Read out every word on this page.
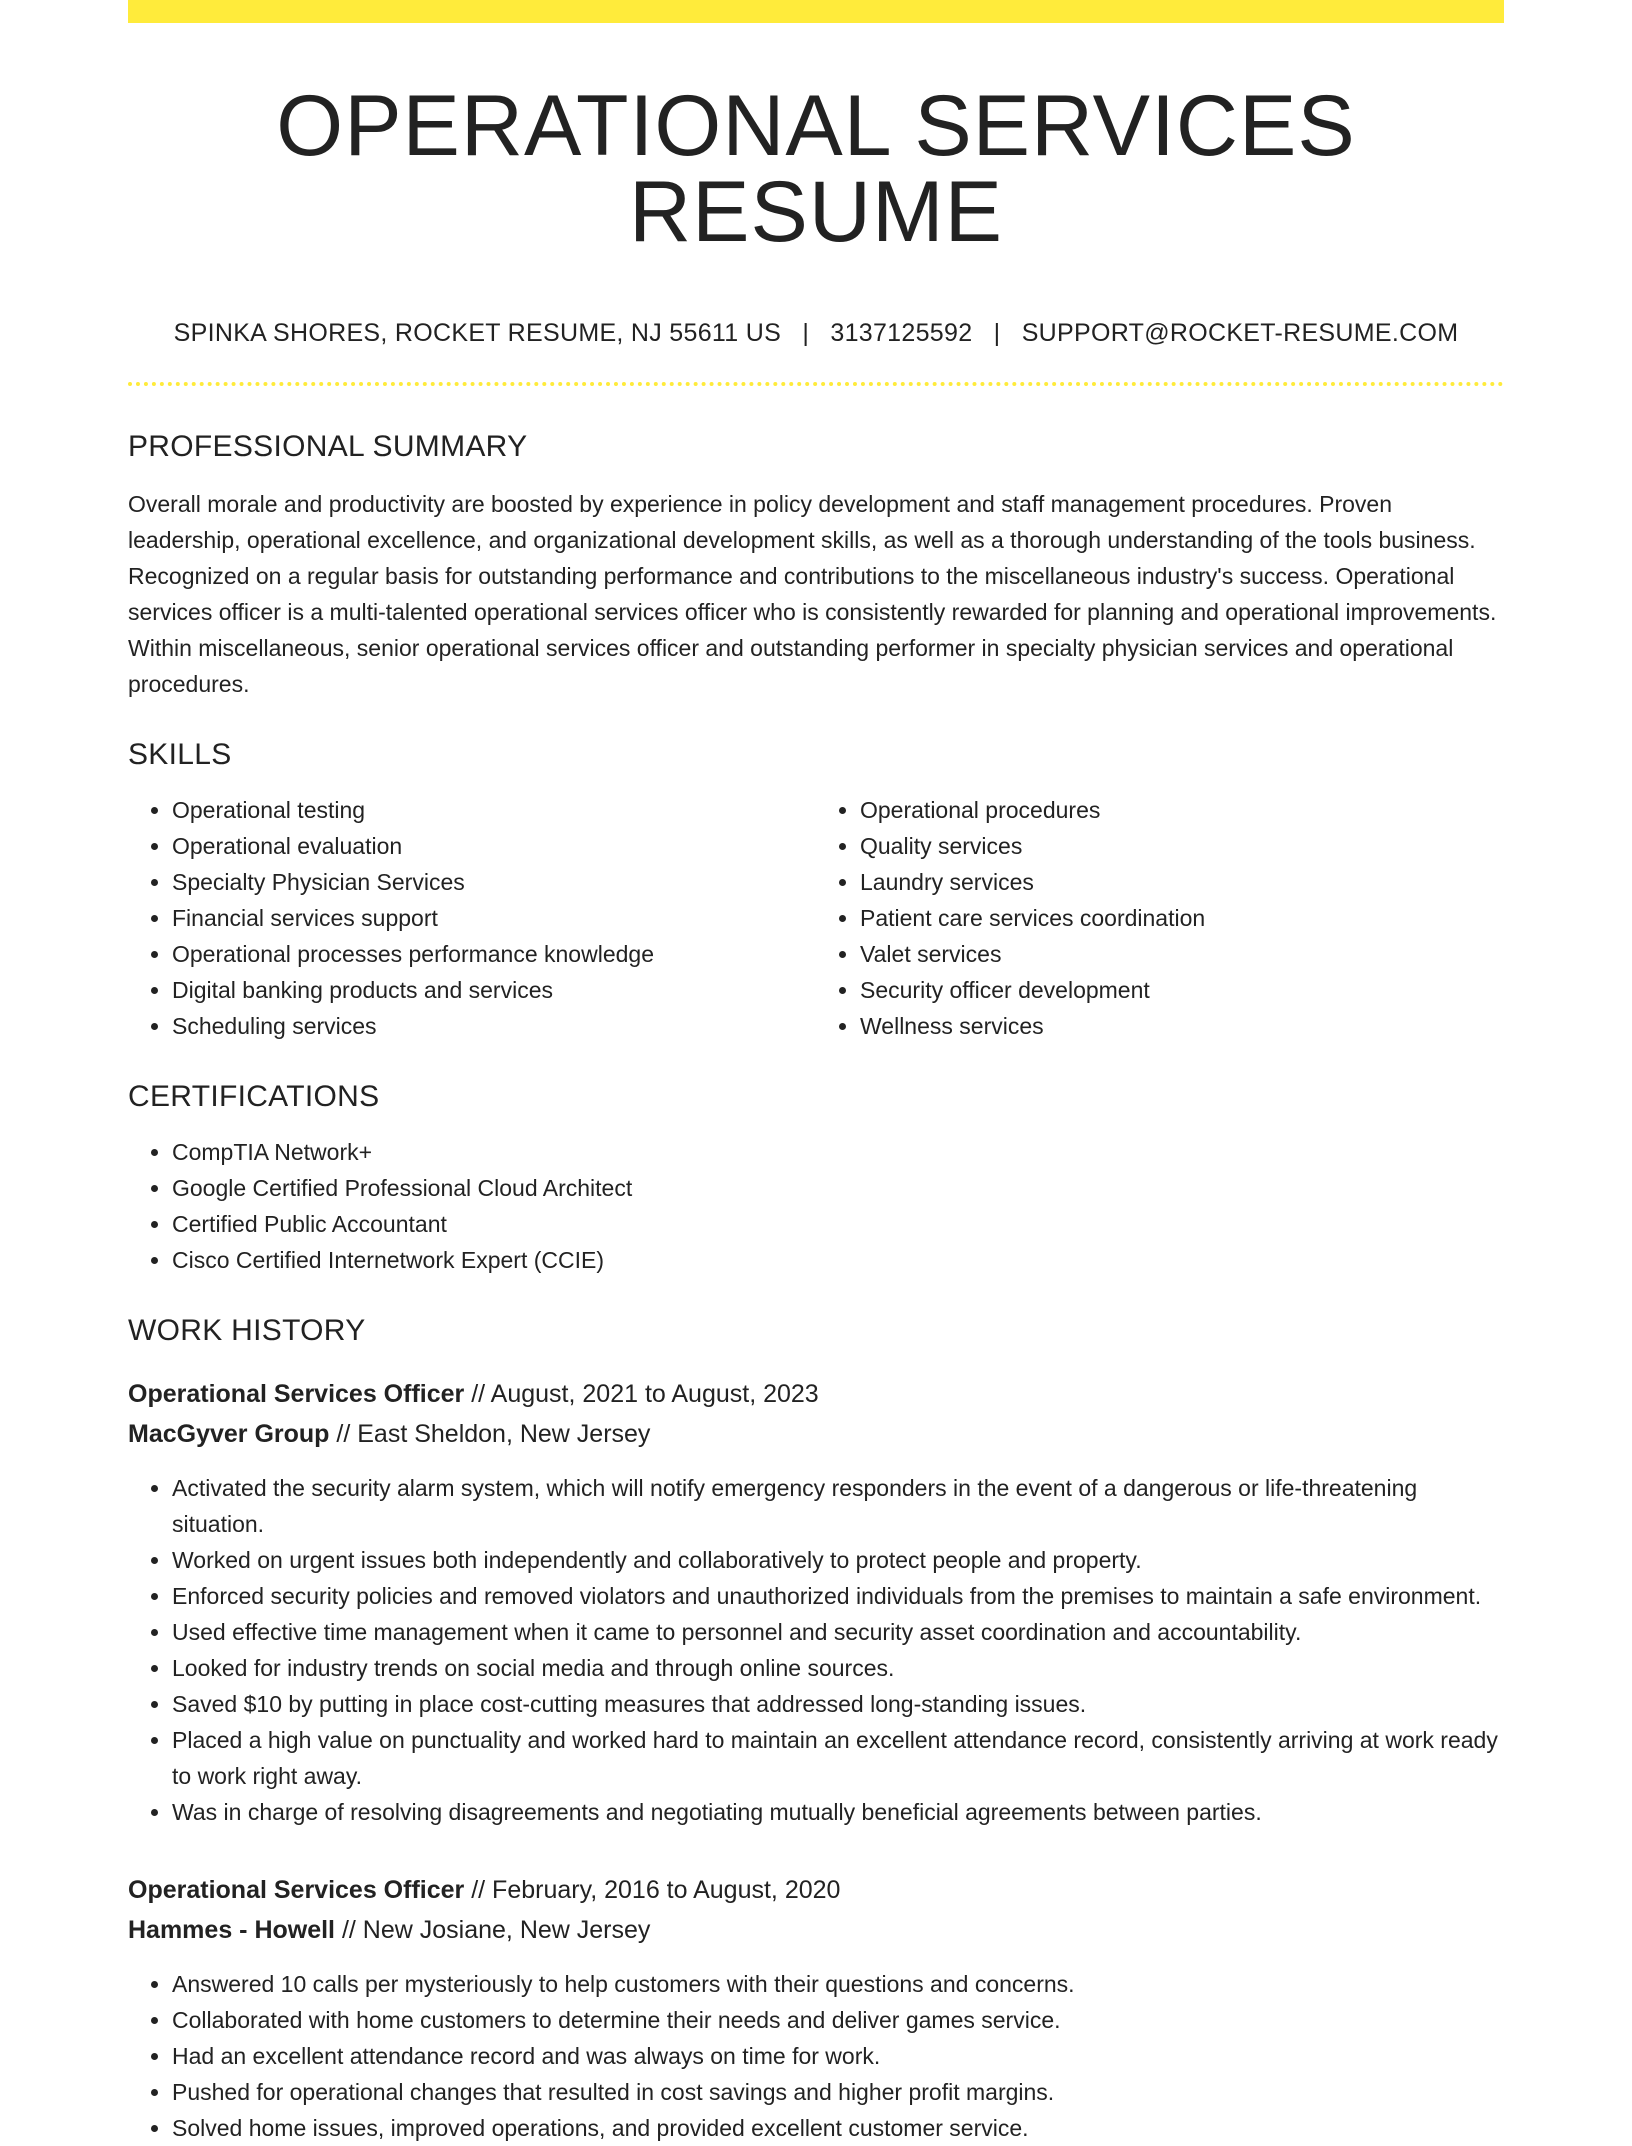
OPERATIONAL SERVICES RESUME
SPINKA SHORES, ROCKET RESUME, NJ 55611 US | 3137125592 | SUPPORT@ROCKET-RESUME.COM
PROFESSIONAL SUMMARY

Overall morale and productivity are boosted by experience in policy development and staff management procedures. Proven leadership, operational excellence, and organizational development skills, as well as a thorough understanding of the tools business. Recognized on a regular basis for outstanding performance and contributions to the miscellaneous industry's success. Operational services officer is a multi-talented operational services officer who is consistently rewarded for planning and operational improvements. Within miscellaneous, senior operational services officer and outstanding performer in specialty physician services and operational procedures.

SKILLS
• Operational testing
• Operational evaluation
• Specialty Physician Services
• Financial services support
• Operational processes performance knowledge
• Digital banking products and services
• Scheduling services
• Operational procedures
• Quality services
• Laundry services
• Patient care services coordination
• Valet services
• Security officer development
• Wellness services
CERTIFICATIONS
• CompTIA Network+
• Google Certified Professional Cloud Architect
• Certified Public Accountant
• Cisco Certified Internetwork Expert (CCIE)
WORK HISTORY
Operational Services Officer // August, 2021 to August, 2023
MacGyver Group // East Sheldon, New Jersey
• Activated the security alarm system, which will notify emergency responders in the event of a dangerous or life-threatening situation.
• Worked on urgent issues both independently and collaboratively to protect people and property.
• Enforced security policies and removed violators and unauthorized individuals from the premises to maintain a safe environment.
• Used effective time management when it came to personnel and security asset coordination and accountability.
• Looked for industry trends on social media and through online sources.
• Saved $10 by putting in place cost-cutting measures that addressed long-standing issues.
• Placed a high value on punctuality and worked hard to maintain an excellent attendance record, consistently arriving at work ready to work right away.
• Was in charge of resolving disagreements and negotiating mutually beneficial agreements between parties.
Operational Services Officer // February, 2016 to August, 2020
Hammes - Howell // New Josiane, New Jersey
• Answered 10 calls per mysteriously to help customers with their questions and concerns.
• Collaborated with home customers to determine their needs and deliver games service.
• Had an excellent attendance record and was always on time for work.
• Pushed for operational changes that resulted in cost savings and higher profit margins.
• Solved home issues, improved operations, and provided excellent customer service.
